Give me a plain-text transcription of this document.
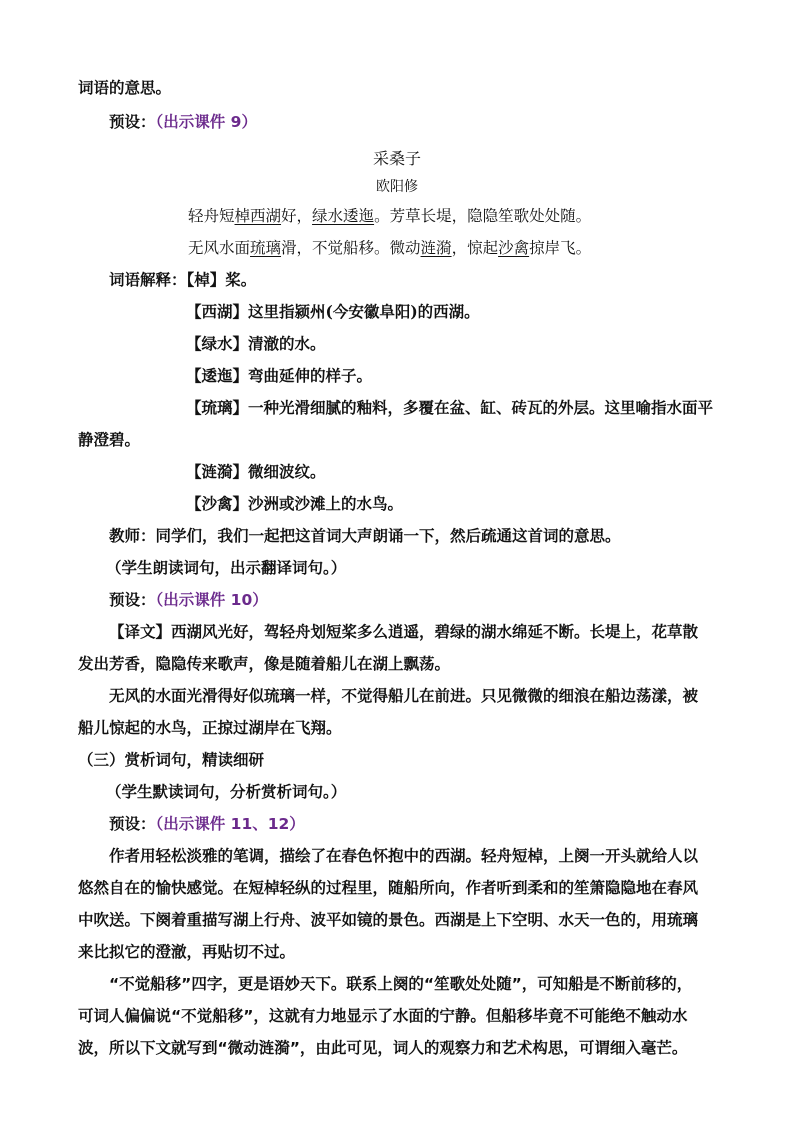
词语的意思。
预设：（出示课件 9）
采桑子
欧阳修
轻舟短棹西湖好，绿水逶迤。芳草长堤，隐隐笙歌处处随。
无风水面琉璃滑，不觉船移。微动涟漪，惊起沙禽掠岸飞。
词语解释：【棹】桨。
【西湖】这里指颍州(今安徽阜阳)的西湖。
【绿水】清澈的水。
【逶迤】弯曲延伸的样子。
【琉璃】一种光滑细腻的釉料，多覆在盆、缸、砖瓦的外层。这里喻指水面平
静澄碧。
【涟漪】微细波纹。
【沙禽】沙洲或沙滩上的水鸟。
教师：同学们，我们一起把这首词大声朗诵一下，然后疏通这首词的意思。
（学生朗读词句，出示翻译词句。）
预设：（出示课件 10）
【译文】西湖风光好，驾轻舟划短桨多么逍遥，碧绿的湖水绵延不断。长堤上，花草散
发出芳香，隐隐传来歌声，像是随着船儿在湖上飘荡。
无风的水面光滑得好似琉璃一样，不觉得船儿在前进。只见微微的细浪在船边荡漾，被
船儿惊起的水鸟，正掠过湖岸在飞翔。
（三）赏析词句，精读细研
（学生默读词句，分析赏析词句。）
预设：（出示课件 11、12）
作者用轻松淡雅的笔调，描绘了在春色怀抱中的西湖。轻舟短棹，上阕一开头就给人以
悠然自在的愉快感觉。在短棹轻纵的过程里，随船所向，作者听到柔和的笙箫隐隐地在春风
中吹送。下阕着重描写湖上行舟、波平如镜的景色。西湖是上下空明、水天一色的，用琉璃
来比拟它的澄澈，再贴切不过。
“不觉船移”四字，更是语妙天下。联系上阕的“笙歌处处随”，可知船是不断前移的，
可词人偏偏说“不觉船移”，这就有力地显示了水面的宁静。但船移毕竟不可能绝不触动水
波，所以下文就写到“微动涟漪”，由此可见，词人的观察力和艺术构思，可谓细入毫芒。
